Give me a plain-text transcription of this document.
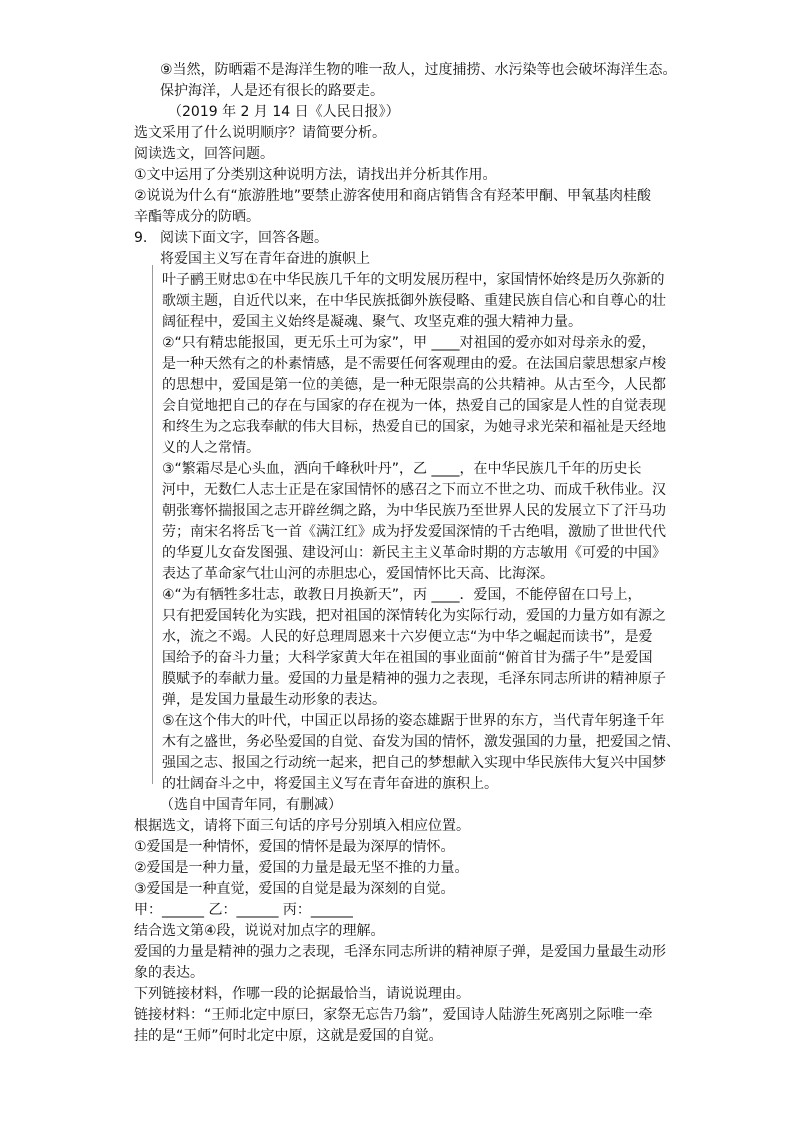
⑨当然，防晒霜不是海洋生物的唯一敌人，过度捕捞、水污染等也会破坏海洋生态。

保护海洋，人是还有很长的路要走。

（2019 年 2 月 14 日《人民日报》）

选文采用了什么说明顺序？请简要分析。

阅读选文，回答问题。

①文中运用了分类别这种说明方法，请找出并分析其作用。

②说说为什么有“旅游胜地”要禁止游客使用和商店销售含有羟苯甲酮、甲氧基肉桂酸

辛酯等成分的防晒。

9. 阅读下面文字，回答各题。

将爱国主义写在青年奋进的旗帜上

叶子鹂王财忠①在中华民族几千年的文明发展历程中，家国情怀始终是历久弥新的

歌颂主题，自近代以来，在中华民族抵御外族侵略、重建民族自信心和自尊心的壮

阔征程中，爱国主义始终是凝魂、聚气、攻坚克难的强大精神力量。

②“只有精忠能报国，更无乐土可为家”，甲 ____对祖国的爱亦如对母亲永的爱，

是一种天然有之的朴素情感，是不需要任何客观理由的爱。在法国启蒙思想家卢梭

的思想中，爱国是第一位的美德，是一种无限崇高的公共精神。从古至今，人民都

会自觉地把自己的存在与国家的存在视为一体，热爱自己的国家是人性的自觉表现

和终生为之忘我奉献的伟大目标，热爱自已的国家，为她寻求光荣和福祉是天经地

义的人之常情。

③“繁霜尽是心头血，洒向千峰秋叶丹”，乙 ____，在中华民族几千年的历史长

河中，无数仁人志士正是在家国情怀的感召之下而立不世之功、而成千秋伟业。汉

朝张骞怀揣报国之志开辟丝绸之路，为中华民族乃至世界人民的发展立下了汗马功

劳；南宋名将岳飞一首《满江红》成为抒发爱国深情的千古绝唱，激励了世世代代

的华夏儿女奋发图强、建设河山：新民主主义革命时期的方志敏用《可爱的中国》

表达了革命家气壮山河的赤胆忠心，爱国情怀比天高、比海深。

④“为有牺牲多壮志，敢教日月换新天”，丙 ____．爱国，不能停留在口号上，

只有把爱国转化为实践，把对祖国的深情转化为实际行动，爱国的力量方如有源之

水，流之不竭。人民的好总理周恩来十六岁便立志“为中华之崛起而读书”，是爱

国给予的奋斗力量；大科学家黄大年在祖国的事业面前“俯首甘为孺子牛”是爱国

膜赋予的奉献力量。爱国的力量是精神的强力之表现，毛泽东同志所讲的精神原子

弹，是发国力量最生动形象的表达。

⑤在这个伟大的叶代，中国正以昂扬的姿态雄踞于世界的东方，当代青年躬逢千年

木有之盛世，务必坠爱国的自觉、奋发为国的情怀，激发强国的力量，把爱国之情、

强国之志、报国之行动统一起来，把自己的梦想献入实现中华民族伟大复兴中国梦

的壮阔奋斗之中，将爱国主义写在青年奋进的旗积上。

（选自中国青年同，有删减）

根据选文，请将下面三句话的序号分别填入相应位置。

①爱国是一种情怀，爱国的情怀是最为深厚的情怀。

②爱国是一种力量，爱国的力量是最无坚不推的力量。

③爱国是一种直觉，爱国的自觉是最为深刻的自觉。

甲：______ 乙：______ 丙：______

结合选文第④段，说说对加点字的理解。

爱国的力量是精神的强力之表现，毛泽东同志所讲的精神原子弹，是爱国力量最生动形

象的表达。

下列链接材料，作哪一段的论据最恰当，请说说理由。

链接材料：“王师北定中原曰，家祭无忘告乃翁”，爱国诗人陆游生死离别之际唯一牵

挂的是“王师”何时北定中原，这就是爱国的自觉。
